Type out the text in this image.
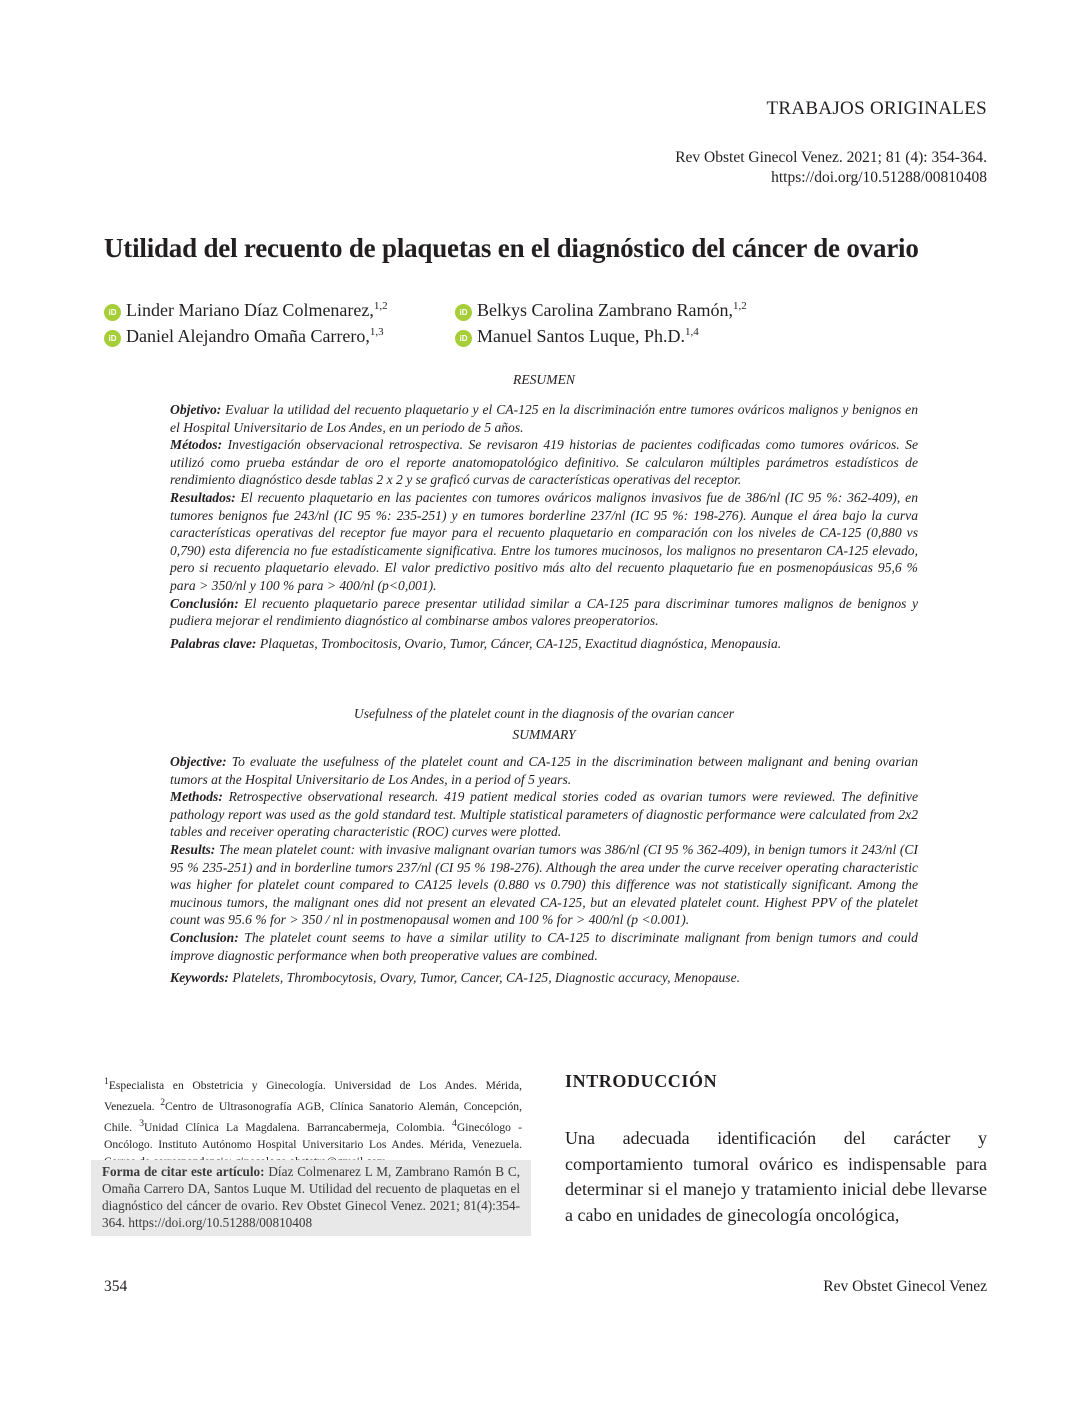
TRABAJOS ORIGINALES
Rev Obstet Ginecol Venez. 2021; 81 (4): 354-364.
https://doi.org/10.51288/00810408
Utilidad del recuento de plaquetas en el diagnóstico del cáncer de ovario
iD Linder Mariano Díaz Colmenarez,$^{1,2}$
iD Belkys Carolina Zambrano Ramón,$^{1,2}$
iD Daniel Alejandro Omaña Carrero,$^{1,3}$
iD Manuel Santos Luque, Ph.D.$^{1,4}$
RESUMEN

Objetivo: Evaluar la utilidad del recuento plaquetario y el CA-125 en la discriminación entre tumores ováricos malignos y benignos en el Hospital Universitario de Los Andes, en un periodo de 5 años.

Métodos: Investigación observacional retrospectiva. Se revisaron 419 historias de pacientes codificadas como tumores ováricos. Se utilizó como prueba estándar de oro el reporte anatomopatológico definitivo. Se calcularon múltiples parámetros estadísticos de rendimiento diagnóstico desde tablas 2 x 2 y se graficó curvas de características operativas del receptor.

Resultados: El recuento plaquetario en las pacientes con tumores ováricos malignos invasivos fue de 386/nl (IC 95 %: 362-409), en tumores benignos fue 243/nl (IC 95 %: 235-251) y en tumores borderline 237/nl (IC 95 %: 198-276). Aunque el área bajo la curva características operativas del receptor fue mayor para el recuento plaquetario en comparación con los niveles de CA-125 (0,880 vs 0,790) esta diferencia no fue estadísticamente significativa. Entre los tumores mucinosos, los malignos no presentaron CA-125 elevado, pero si recuento plaquetario elevado. El valor predictivo positivo más alto del recuento plaquetario fue en posmenopáusicas 95,6 % para > 350/nl y 100 % para > 400/nl (p<0,001).

Conclusión: El recuento plaquetario parece presentar utilidad similar a CA-125 para discriminar tumores malignos de benignos y pudiera mejorar el rendimiento diagnóstico al combinarse ambos valores preoperatorios.

Palabras clave: Plaquetas, Trombocitosis, Ovario, Tumor, Cáncer, CA-125, Exactitud diagnóstica, Menopausia.

Usefulness of the platelet count in the diagnosis of the ovarian cancer
SUMMARY

Objective: To evaluate the usefulness of the platelet count and CA-125 in the discrimination between malignant and bening ovarian tumors at the Hospital Universitario de Los Andes, in a period of 5 years.

Methods: Retrospective observational research. 419 patient medical stories coded as ovarian tumors were reviewed. The definitive pathology report was used as the gold standard test. Multiple statistical parameters of diagnostic performance were calculated from 2x2 tables and receiver operating characteristic (ROC) curves were plotted.

Results: The mean platelet count: with invasive malignant ovarian tumors was 386/nl (CI 95 % 362-409), in benign tumors it 243/nl (CI 95 % 235-251) and in borderline tumors 237/nl (CI 95 % 198-276). Although the area under the curve receiver operating characteristic was higher for platelet count compared to CA125 levels (0.880 vs 0.790) this difference was not statistically significant. Among the mucinous tumors, the malignant ones did not present an elevated CA-125, but an elevated platelet count. Highest PPV of the platelet count was 95.6 % for > 350 / nl in postmenopausal women and 100 % for > 400/nl (p <0.001).

Conclusion: The platelet count seems to have a similar utility to CA-125 to discriminate malignant from benign tumors and could improve diagnostic performance when both preoperative values are combined.

Keywords: Platelets, Thrombocytosis, Ovary, Tumor, Cancer, CA-125, Diagnostic accuracy, Menopause.

$^1$Especialista en Obstetricia y Ginecología. Universidad de Los Andes. Mérida, Venezuela. $^2$Centro de Ultrasonografía AGB, Clínica Sanatorio Alemán, Concepción, Chile. $^3$Unidad Clínica La Magdalena. Barrancabermeja, Colombia. $^4$Ginecólogo - Oncólogo. Instituto Autónomo Hospital Universitario Los Andes. Mérida, Venezuela.
Forma de citar este artículo: Díaz Colmenarez L M, Zambrano Ramón B C, Omaña Carrero DA, Santos Luque M. Utilidad del recuento de plaquetas en el diagnóstico del cáncer de ovario. Rev Obstet Ginecol Venez. 2021; 81(4):354-364. https://doi.org/10.51288/00810408
INTRODUCCIÓN
Una adecuada identificación del carácter y comportamiento tumoral ovárico es indispensable para determinar si el manejo y tratamiento inicial debe llevarse a cabo en unidades de ginecología oncológica,
354	Rev Obstet Ginecol Venez
